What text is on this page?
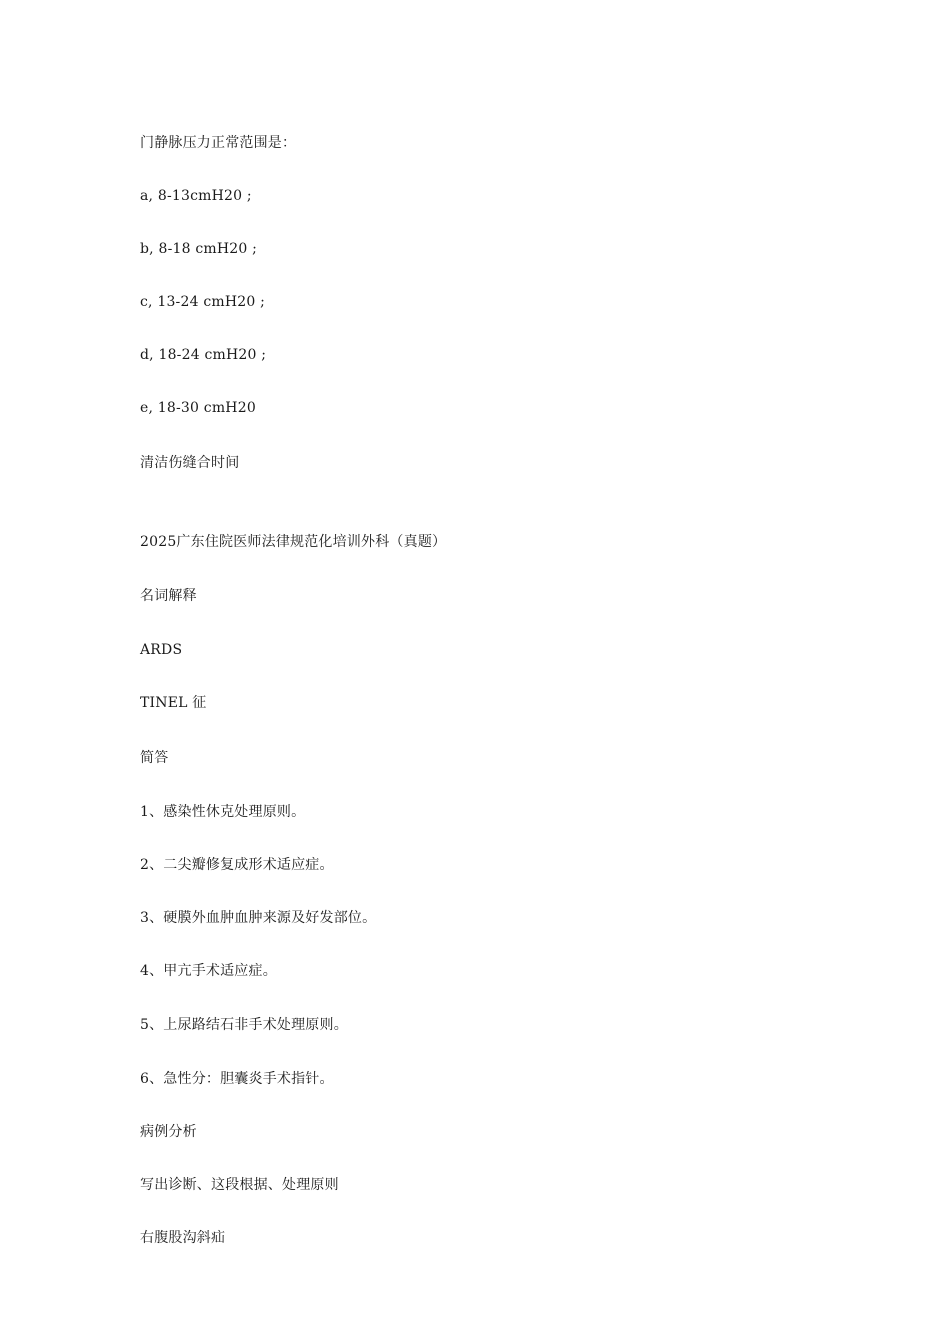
门静脉压力正常范围是：
a, 8-13cmH20 ;
b, 8-18 cmH20 ;
c, 13-24 cmH20 ;
d, 18-24 cmH20 ;
e, 18-30 cmH20
清洁伤缝合时间
2025广东住院医师法律规范化培训外科（真题）
名词解释
ARDS
TINEL 征
简答
1、感染性休克处理原则。
2、二尖瓣修复成形术适应症。
3、硬膜外血肿血肿来源及好发部位。
4、甲亢手术适应症。
5、上尿路结石非手术处理原则。
6、急性分：胆囊炎手术指针。
病例分析
写出诊断、这段根据、处理原则
右腹股沟斜疝
